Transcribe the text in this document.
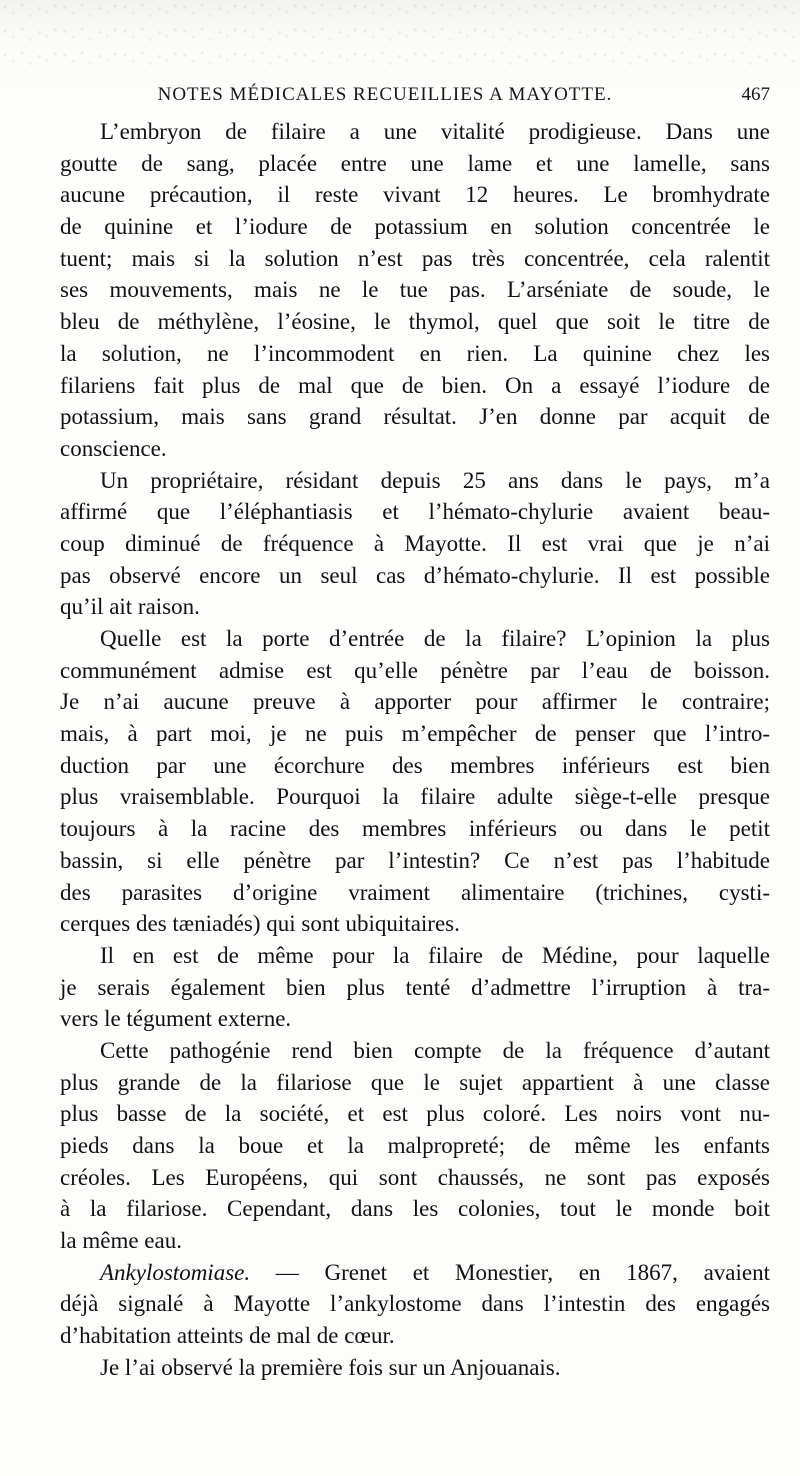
NOTES MÉDICALES RECUEILLIES A MAYOTTE.	467
L’embryon de filaire a une vitalité prodigieuse. Dans une
goutte de sang, placée entre une lame et une lamelle, sans
aucune précaution, il reste vivant 12 heures. Le bromhydrate
de quinine et l’iodure de potassium en solution concentrée le
tuent; mais si la solution n’est pas très concentrée, cela ralentit
ses mouvements, mais ne le tue pas. L’arséniate de soude, le
bleu de méthylène, l’éosine, le thymol, quel que soit le titre de
la solution, ne l’incommodent en rien. La quinine chez les
filariens fait plus de mal que de bien. On a essayé l’iodure de
potassium, mais sans grand résultat. J’en donne par acquit de
conscience.
Un propriétaire, résidant depuis 25 ans dans le pays, m’a
affirmé que l’éléphantiasis et l’hémato-chylurie avaient beau-
coup diminué de fréquence à Mayotte. Il est vrai que je n’ai
pas observé encore un seul cas d’hémato-chylurie. Il est possible
qu’il ait raison.
Quelle est la porte d’entrée de la filaire? L’opinion la plus
communément admise est qu’elle pénètre par l’eau de boisson.
Je n’ai aucune preuve à apporter pour affirmer le contraire;
mais, à part moi, je ne puis m’empêcher de penser que l’intro-
duction par une écorchure des membres inférieurs est bien
plus vraisemblable. Pourquoi la filaire adulte siège-t-elle presque
toujours à la racine des membres inférieurs ou dans le petit
bassin, si elle pénètre par l’intestin? Ce n’est pas l’habitude
des parasites d’origine vraiment alimentaire (trichines, cysti-
cerques des tæniadés) qui sont ubiquitaires.
Il en est de même pour la filaire de Médine, pour laquelle
je serais également bien plus tenté d’admettre l’irruption à tra-
vers le tégument externe.
Cette pathogénie rend bien compte de la fréquence d’autant
plus grande de la filariose que le sujet appartient à une classe
plus basse de la société, et est plus coloré. Les noirs vont nu-
pieds dans la boue et la malpropreté; de même les enfants
créoles. Les Européens, qui sont chaussés, ne sont pas exposés
à la filariose. Cependant, dans les colonies, tout le monde boit
la même eau.
Ankylostomiase. — Grenet et Monestier, en 1867, avaient
déjà signalé à Mayotte l’ankylostome dans l’intestin des engagés
d’habitation atteints de mal de cœur.
Je l’ai observé la première fois sur un Anjouanais.
